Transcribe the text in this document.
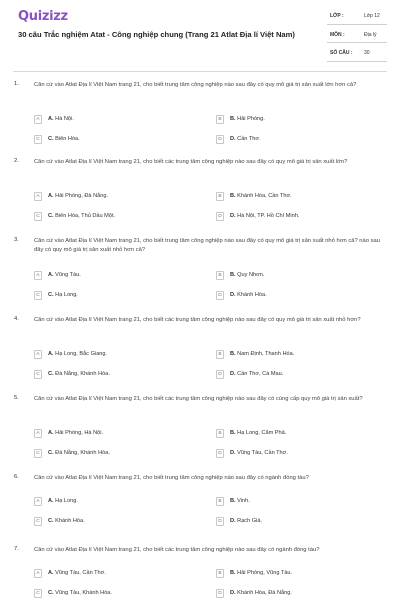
Quizizz
30 câu Trắc nghiệm Atat - Công nghiệp chung (Trang 21 Atlat Địa lí Việt Nam)
LỚP :	Lớp 12
MÔN :	Địa lý
SỐ CÂU : 30
1.	Căn cứ vào Atlat Địa lí Việt Nam trang 21, cho biết trung tâm công nghiệp nào sau đây có quy mô giá trị sản xuất lớn hơn cả?
A	A. Hà Nội.	B	B. Hải Phòng.
C	C. Biên Hòa.	D	D. Cần Thơ.
2.	Căn cứ vào Atlat Địa lí Việt Nam trang 21, cho biết các trung tâm công nghiệp nào sau đây có quy mô giá trị sản xuất lớn?
A	A. Hải Phòng, Đà Nẵng.	B	B. Khánh Hòa, Cần Thơ.
C	C. Biên Hòa, Thủ Dầu Một.	D	D. Hà Nội, TP. Hồ Chí Minh.
3.	Căn cứ vào Atlat Địa lí Việt Nam trang 21, cho biết trung tâm công nghiệp nào sau đây có quy mô giá trị sản xuất nhỏ hơn cả? nào sau đây có quy mô giá trị sản xuất nhỏ hơn cả?
A	A. Vũng Tàu.	B	B. Quy Nhơn.
C	C. Hạ Long.	D	D. Khánh Hòa.
4.	Căn cứ vào Atlat Địa lí Việt Nam trang 21, cho biết các trung tâm công nghiệp nào sau đây có quy mô giá trị sản xuất nhỏ hơn?
A	A. Hạ Long, Bắc Giang.	B	B. Nam Định, Thanh Hóa.
C	C. Đà Nẵng, Khánh Hòa.	D	D. Cần Thơ, Cà Mau.
5.	Căn cứ vào Atlat Địa lí Việt Nam trang 21, cho biết các trung tâm công nghiệp nào sau đây có cùng cấp quy mô giá trị sản xuất?
A	A. Hải Phòng, Hà Nội.	B	B. Hạ Long, Cẩm Phả.
C	C. Đà Nẵng, Khánh Hòa.	D	D. Vũng Tàu, Cần Thơ.
6.	Căn cứ vào Atlat Địa lí Việt Nam trang 21, cho biết trung tâm công nghiệp nào sau đây có ngành đóng tàu?
A	A. Hạ Long.	B	B. Vinh.
C	C. Khánh Hòa.	D	D. Rạch Giá.
7.	Căn cứ vào Atlat Địa lí Việt Nam trang 21, cho biết các trung tâm công nghiệp nào sau đây có ngành đóng tàu?
A	A. Vũng Tàu, Cần Thơ.	B	B. Hải Phòng, Vũng Tàu.
C	C. Vũng Tàu, Khánh Hòa.	D	D. Khánh Hòa, Đà Nẵng.
